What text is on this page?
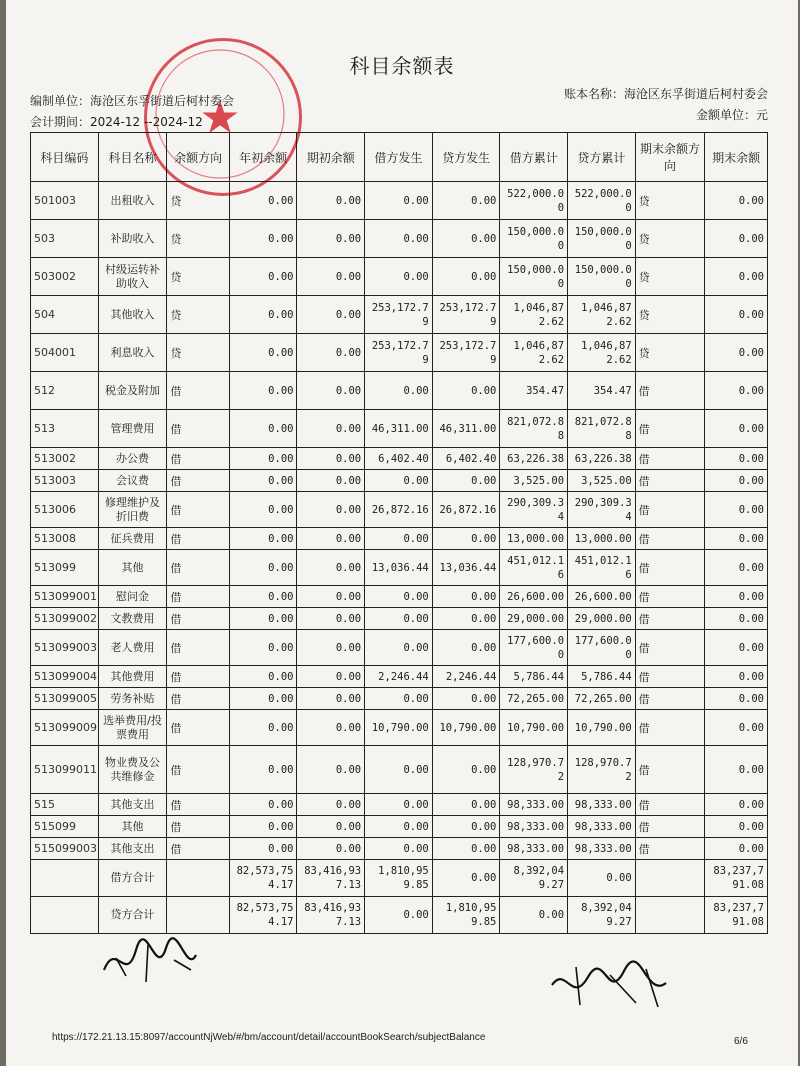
★
科目余额表
编制单位：海沧区东孚街道后柯村委会
会计期间：2024-12 --2024-12
账本名称：海沧区东孚街道后柯村委会
金额单位：元
科目编码	科目名称	余额方向	年初余额	期初余额	借方发生	贷方发生	借方累计	贷方累计	期末余额方向	期末余额
501003	出租收入	贷	0.00	0.00	0.00	0.00	522,000.00	522,000.00	贷	0.00
503	补助收入	贷	0.00	0.00	0.00	0.00	150,000.00	150,000.00	贷	0.00
503002	村级运转补助收入	贷	0.00	0.00	0.00	0.00	150,000.00	150,000.00	贷	0.00
504	其他收入	贷	0.00	0.00	253,172.79	253,172.79	1,046,872.62	1,046,872.62	贷	0.00
504001	利息收入	贷	0.00	0.00	253,172.79	253,172.79	1,046,872.62	1,046,872.62	贷	0.00
512	税金及附加	借	0.00	0.00	0.00	0.00	354.47	354.47	借	0.00
513	管理费用	借	0.00	0.00	46,311.00	46,311.00	821,072.88	821,072.88	借	0.00
513002	办公费	借	0.00	0.00	6,402.40	6,402.40	63,226.38	63,226.38	借	0.00
513003	会议费	借	0.00	0.00	0.00	0.00	3,525.00	3,525.00	借	0.00
513006	修理维护及折旧费	借	0.00	0.00	26,872.16	26,872.16	290,309.34	290,309.34	借	0.00
513008	征兵费用	借	0.00	0.00	0.00	0.00	13,000.00	13,000.00	借	0.00
513099	其他	借	0.00	0.00	13,036.44	13,036.44	451,012.16	451,012.16	借	0.00
513099001	慰问金	借	0.00	0.00	0.00	0.00	26,600.00	26,600.00	借	0.00
513099002	文教费用	借	0.00	0.00	0.00	0.00	29,000.00	29,000.00	借	0.00
513099003	老人费用	借	0.00	0.00	0.00	0.00	177,600.00	177,600.00	借	0.00
513099004	其他费用	借	0.00	0.00	2,246.44	2,246.44	5,786.44	5,786.44	借	0.00
513099005	劳务补贴	借	0.00	0.00	0.00	0.00	72,265.00	72,265.00	借	0.00
513099009	选举费用/投票费用	借	0.00	0.00	10,790.00	10,790.00	10,790.00	10,790.00	借	0.00
513099011	物业费及公共维修金	借	0.00	0.00	0.00	0.00	128,970.72	128,970.72	借	0.00
515	其他支出	借	0.00	0.00	0.00	0.00	98,333.00	98,333.00	借	0.00
515099	其他	借	0.00	0.00	0.00	0.00	98,333.00	98,333.00	借	0.00
515099003	其他支出	借	0.00	0.00	0.00	0.00	98,333.00	98,333.00	借	0.00
	借方合计		82,573,754.17	83,416,937.13	1,810,959.85	0.00	8,392,049.27	0.00		83,237,791.08
	贷方合计		82,573,754.17	83,416,937.13	0.00	1,810,959.85	0.00	8,392,049.27		83,237,791.08
https://172.21.13.15:8097/accountNjWeb/#/bm/account/detail/accountBookSearch/subjectBalance	6/6
